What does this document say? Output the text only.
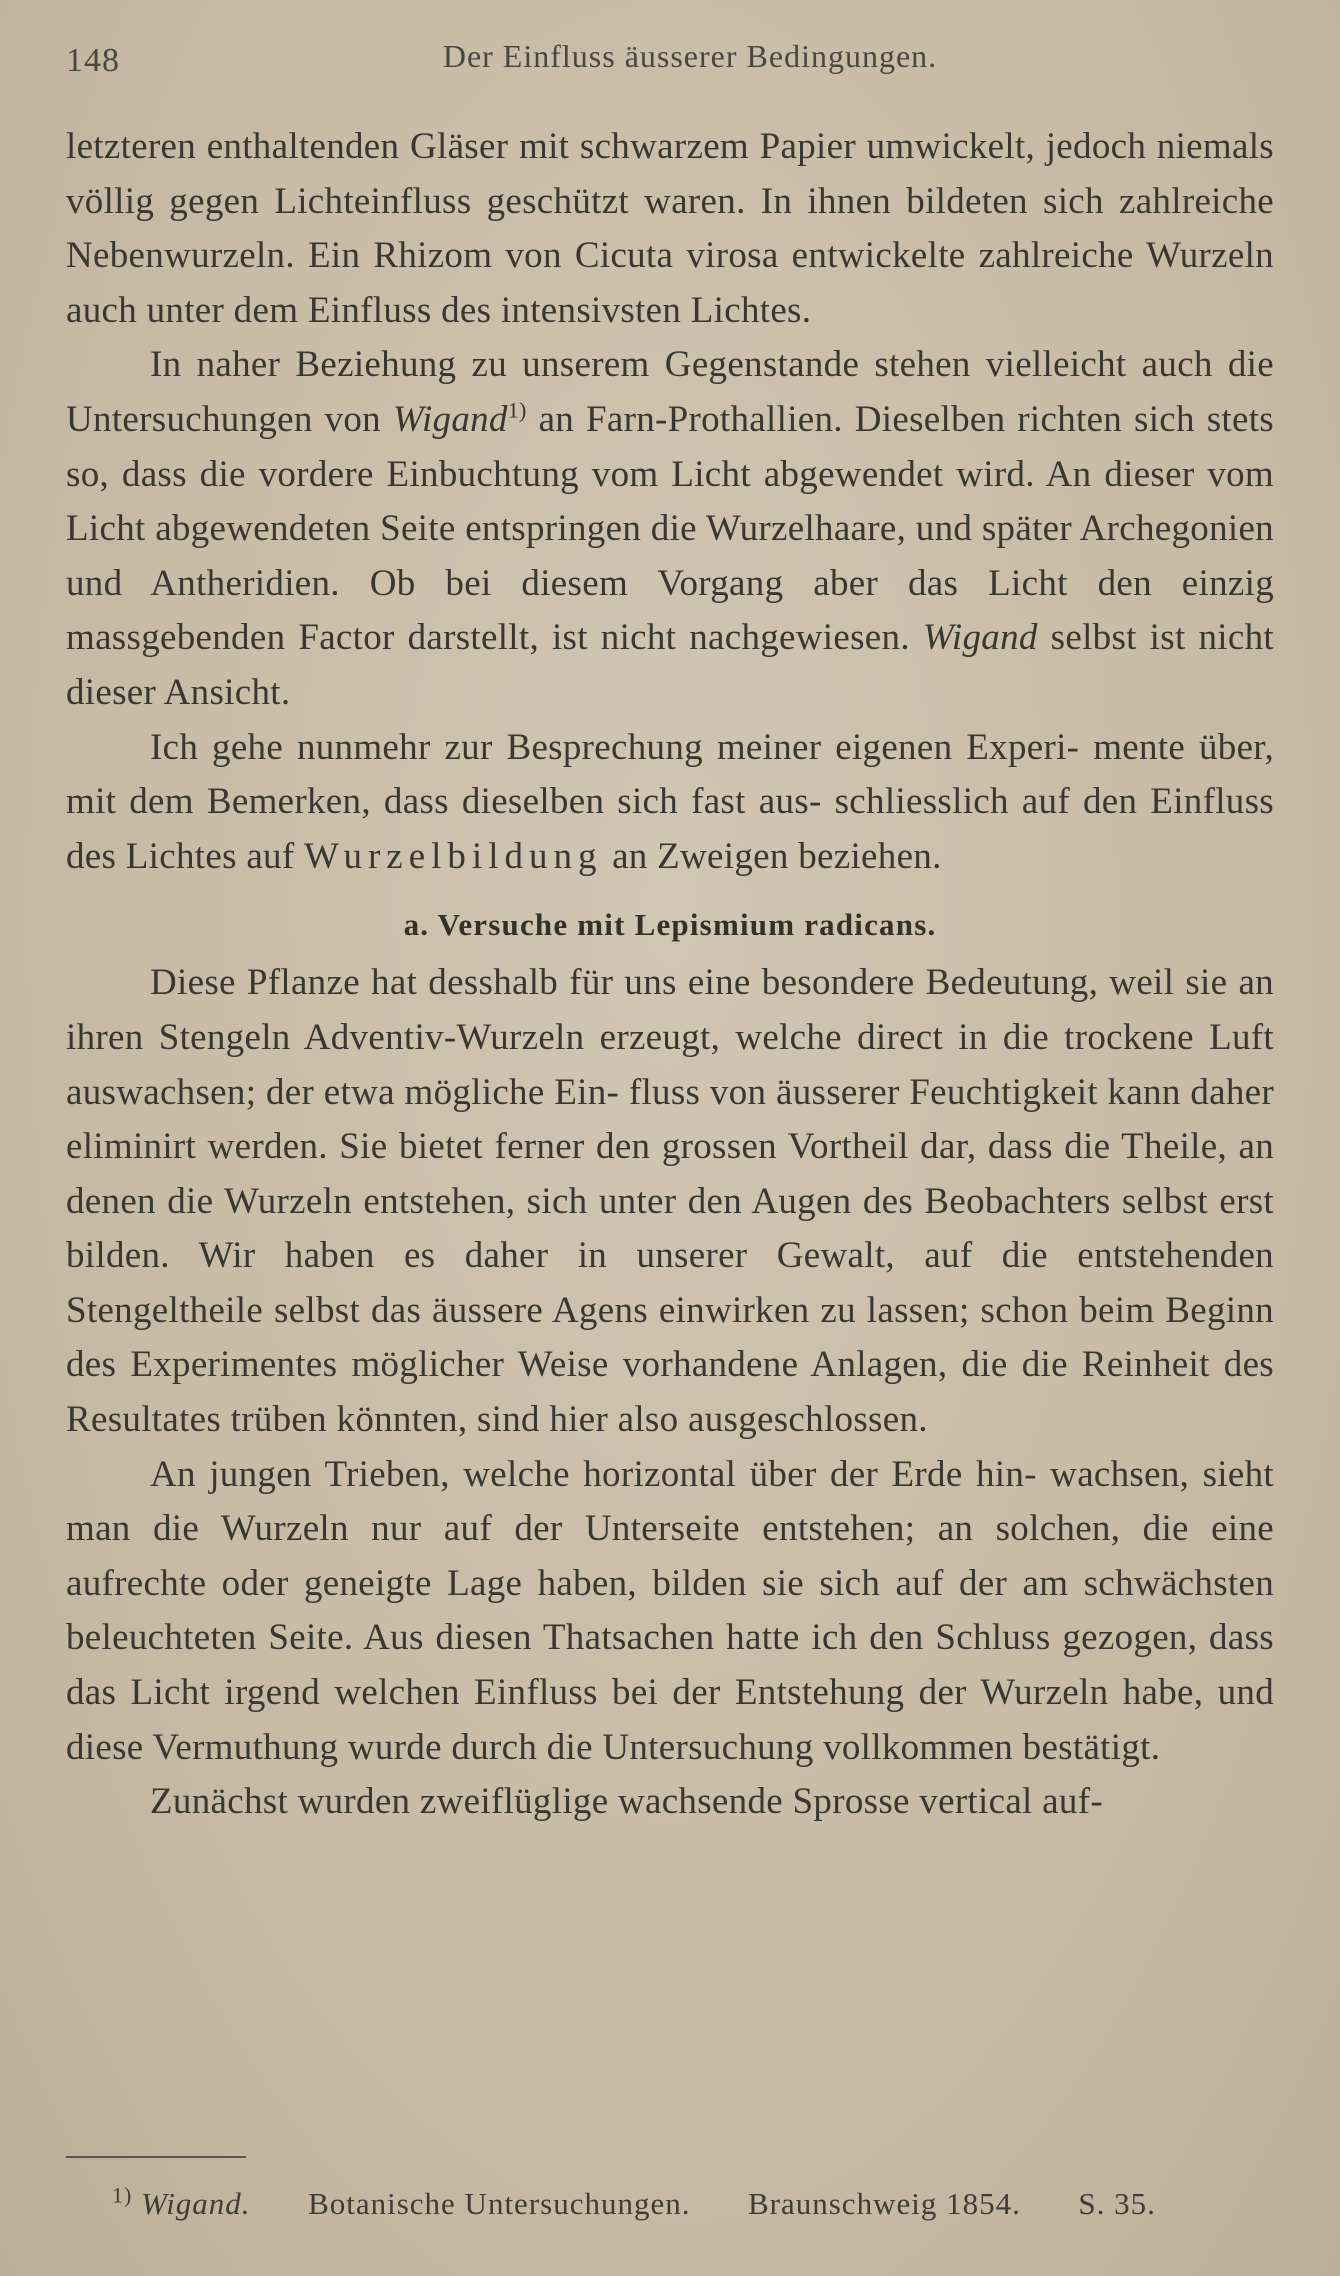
148	Der Einfluss äusserer Bedingungen.

letzteren enthaltenden Gläser mit schwarzem Papier umwickelt, jedoch niemals völlig gegen Lichteinfluss geschützt waren. In ihnen bildeten sich zahlreiche Nebenwurzeln. Ein Rhizom von Cicuta virosa entwickelte zahlreiche Wurzeln auch unter dem Einfluss des intensivsten Lichtes.

In naher Beziehung zu unserem Gegenstande stehen vielleicht auch die Untersuchungen von Wigand$^{1)}$ an Farn-Prothallien. Dieselben richten sich stets so, dass die vordere Einbuchtung vom Licht abgewendet wird. An dieser vom Licht abgewendeten Seite entspringen die Wurzelhaare, und später Archegonien und Antheridien. Ob bei diesem Vorgang aber das Licht den einzig massgebenden Factor darstellt, ist nicht nachgewiesen. Wigand selbst ist nicht dieser Ansicht.

Ich gehe nunmehr zur Besprechung meiner eigenen Experi- mente über, mit dem Bemerken, dass dieselben sich fast aus- schliesslich auf den Einfluss des Lichtes auf Wurzelbildung an Zweigen beziehen.

a. Versuche mit Lepismium radicans.

Diese Pflanze hat desshalb für uns eine besondere Bedeutung, weil sie an ihren Stengeln Adventiv-Wurzeln erzeugt, welche direct in die trockene Luft auswachsen; der etwa mögliche Ein- fluss von äusserer Feuchtigkeit kann daher eliminirt werden. Sie bietet ferner den grossen Vortheil dar, dass die Theile, an denen die Wurzeln entstehen, sich unter den Augen des Beobachters selbst erst bilden. Wir haben es daher in unserer Gewalt, auf die entstehenden Stengeltheile selbst das äussere Agens einwirken zu lassen; schon beim Beginn des Experimentes möglicher Weise vorhandene Anlagen, die die Reinheit des Resultates trüben könnten, sind hier also ausgeschlossen.

An jungen Trieben, welche horizontal über der Erde hin- wachsen, sieht man die Wurzeln nur auf der Unterseite entstehen; an solchen, die eine aufrechte oder geneigte Lage haben, bilden sie sich auf der am schwächsten beleuchteten Seite. Aus diesen Thatsachen hatte ich den Schluss gezogen, dass das Licht irgend welchen Einfluss bei der Entstehung der Wurzeln habe, und diese Vermuthung wurde durch die Untersuchung vollkommen bestätigt.

Zunächst wurden zweiflüglige wachsende Sprosse vertical auf-

$^{1)}$ Wigand. Botanische Untersuchungen. Braunschweig 1854. S. 35.
